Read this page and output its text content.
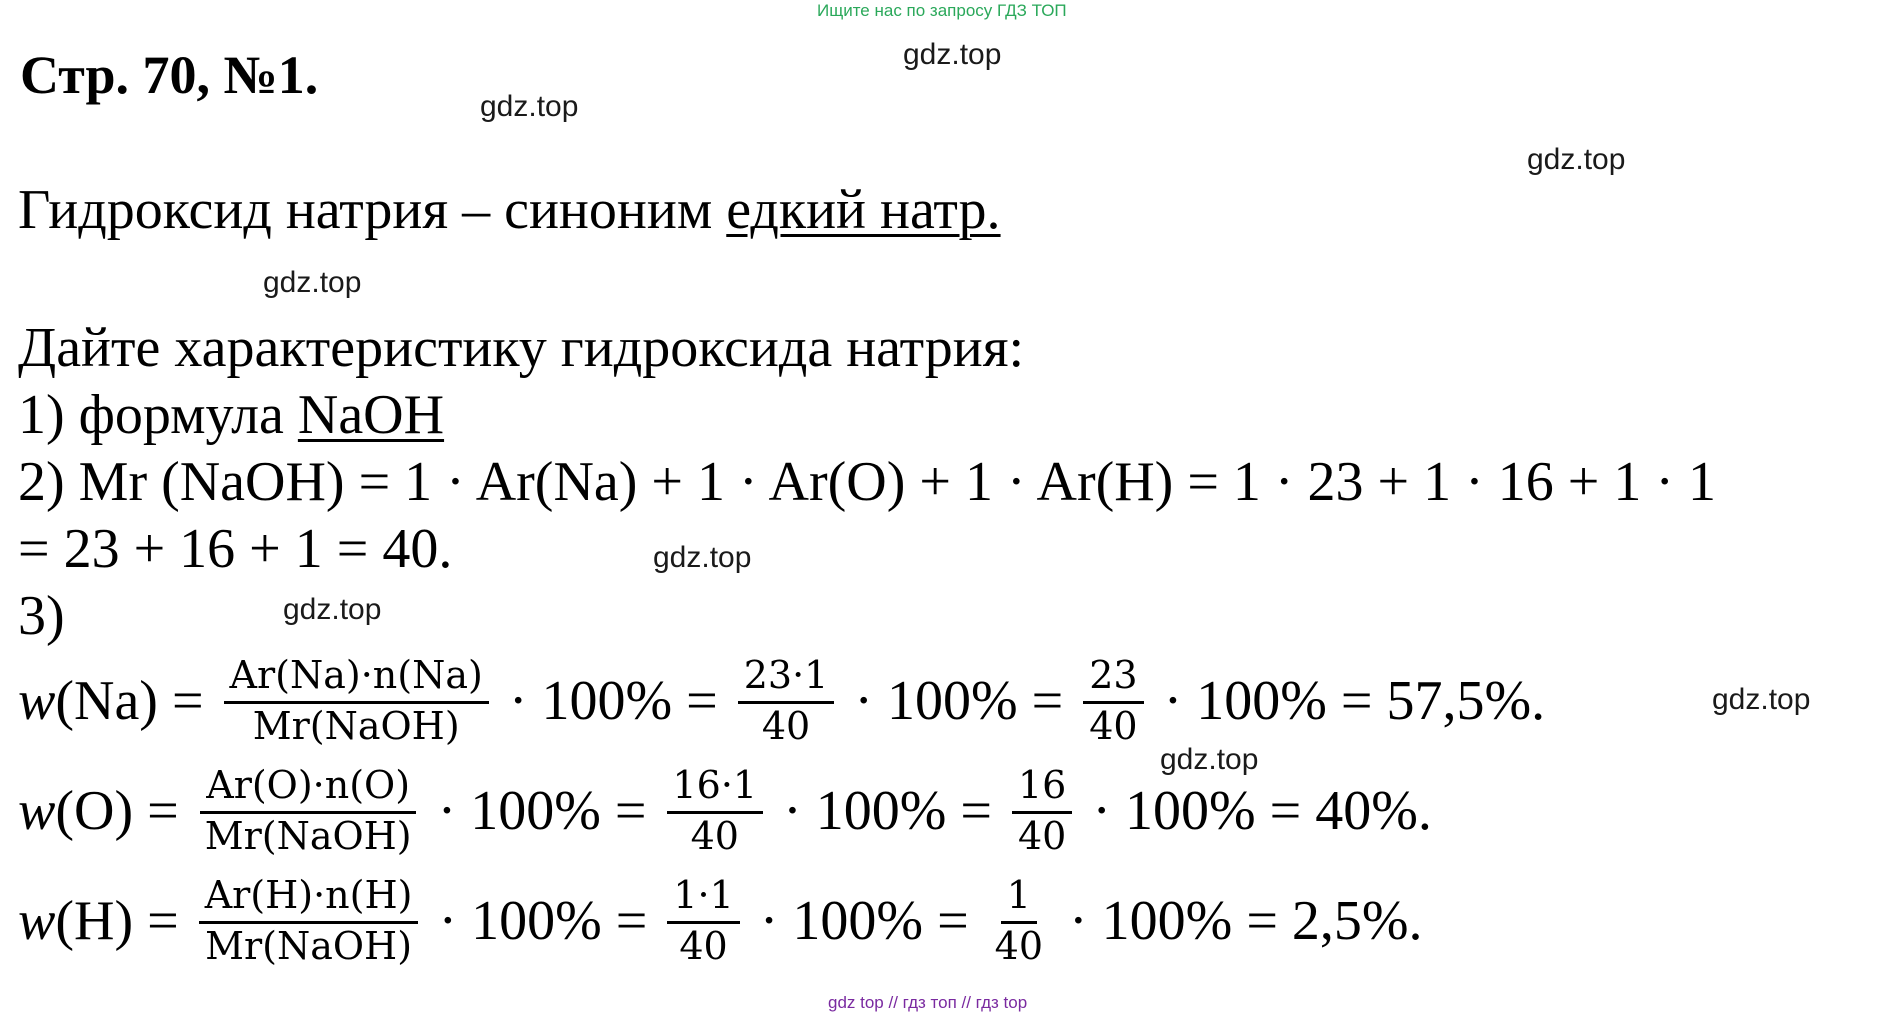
Ищите нас по запросу ГДЗ ТОП
Стр. 70, №1.
Гидроксид натрия – синоним едкий натр.
Дайте характеристику гидроксида натрия:
1) формула NaOH
2) Mr (NaOH) = 1 · Ar(Na) + 1 · Ar(O) + 1 · Ar(H) = 1 · 23 + 1 · 16 + 1 · 1
= 23 + 16 + 1 = 40.
3)
w $(Na) = \frac{Ar(Na)\cdot n(Na)}{\text{Mr(NaOH)}} \cdot 100\% = \frac{23\cdot 1}{40} \cdot 100\% = \frac{23}{40} \cdot 100\% = 57,5\%$.
w $(O) = \frac{Ar(O)\cdot n(O)}{\text{Mr(NaOH)}} \cdot 100\% = \frac{16\cdot 1}{40} \cdot 100\% = \frac{16}{40} \cdot 100\% = 40\%$.
w $(H) = \frac{Ar(H)\cdot n(H)}{\text{Mr(NaOH)}} \cdot 100\% = \frac{1\cdot 1}{40} \cdot 100\% = \frac{1}{40} \cdot 100\% = 2,5\%$.
gdz.top
gdz.top
gdz.top
gdz.top
gdz.top
gdz.top
gdz.top
gdz.top
gdz top // гдз топ // гдз top
